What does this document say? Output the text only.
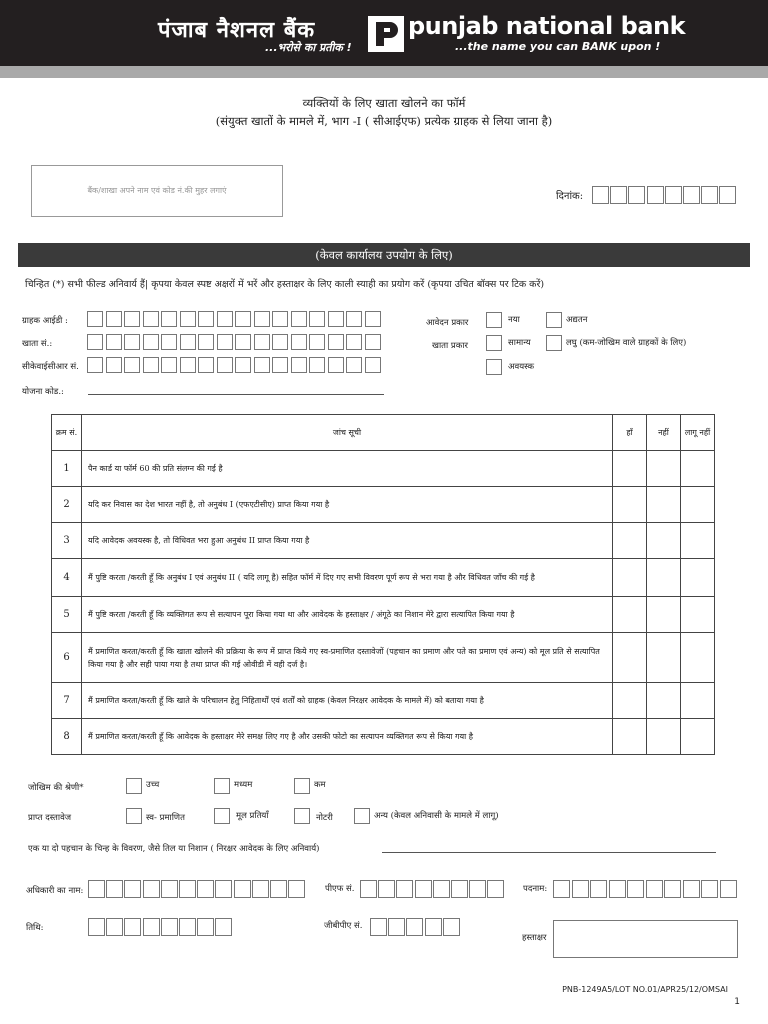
पंजाब नैशनल बैंक
...भरोसे का प्रतीक !
punjab national bank
...the name you can BANK upon !
व्यक्तियों के लिए खाता खोलने का फॉर्म
(संयुक्त खातों के मामले में, भाग -I ( सीआईएफ) प्रत्येक ग्राहक से लिया जाना है)
बैंक/शाखा अपने नाम एवं कोड नं.की मुहर लगाएं
दिनांक:
(केवल कार्यालय उपयोग के लिए)
चिन्हित (*) सभी फील्ड अनिवार्य हैं| कृपया केवल स्पष्ट अक्षरों में भरें और हस्ताक्षर के लिए काली स्याही का प्रयोग करें (कृपया उचित बॉक्स पर टिक करें)
ग्राहक आईडी :
खाता सं.:
सीकेवाईसीआर सं.
योजना कोड.:
आवेदन प्रकार	नया	अद्यतन
खाता प्रकार	सामान्य	लघु (कम-जोखिम वाले ग्राहकों के लिए)
अवयस्क
क्रम सं.	जांच सूची	हाँ	नहीं	लागू नहीं
1	पैन कार्ड या फॉर्म 60 की प्रति संलग्न की गई है			
2	यदि कर निवास का देश भारत नहीं है, तो अनुबंध I (एफएटीसीए) प्राप्त किया गया है			
3	यदि आवेदक अवयस्क है, तो विधिवत भरा हुआ अनुबंध II प्राप्त किया गया है			
4	मैं पुष्टि करता /करती हूँ कि अनुबंध I एवं अनुबंध II ( यदि लागू है) सहित फॉर्म में दिए गए सभी विवरण पूर्ण रूप से भरा गया है और विधिवत जाँच की गई है			
5	मैं पुष्टि करता /करती हूँ कि व्यक्तिगत रूप से सत्यापन पूरा किया गया था और आवेदक के हस्ताक्षर / अंगूठे का निशान मेरे द्वारा सत्यापित किया गया है			
6	मैं प्रमाणित करता/करती हूँ कि खाता खोलने की प्रक्रिया के रूप में प्राप्त किये गए स्व-प्रमाणित दस्तावेजों (पहचान का प्रमाण और पते का प्रमाण एवं अन्य) को मूल प्रति से सत्यापित किया गया है और सही पाया गया है तथा प्राप्त की गई ओवीडी में वही दर्ज है।			
7	मैं प्रमाणित करता/करती हूँ कि खाते के परिचालन हेतु निहितार्थों एवं शर्तों को ग्राहक (केवल निरक्षर आवेदक के मामले में) को बताया गया है			
8	मैं प्रमाणित करता/करती हूँ कि आवेदक के हस्ताक्षर मेरे समक्ष लिए गए है और उसकी फोटो का सत्यापन व्यक्तिगत रूप से किया गया है			
जोखिम की श्रेणी*	उच्च	मध्यम	कम
प्राप्त दस्तावेज	स्व- प्रमाणित	मूल प्रतियाँ	नोटरी	अन्य (केवल अनिवासी के मामले में लागू)
एक या दो पहचान के चिन्ह के विवरण, जैसे तिल या निशान ( निरक्षर आवेदक के लिए अनिवार्य)
अधिकारी का नाम:	पीएफ सं.	पदनाम:
तिथि:	जीबीपीए सं.
हस्ताक्षर
PNB-1249A5/LOT NO.01/APR25/12/OMSAI
1
